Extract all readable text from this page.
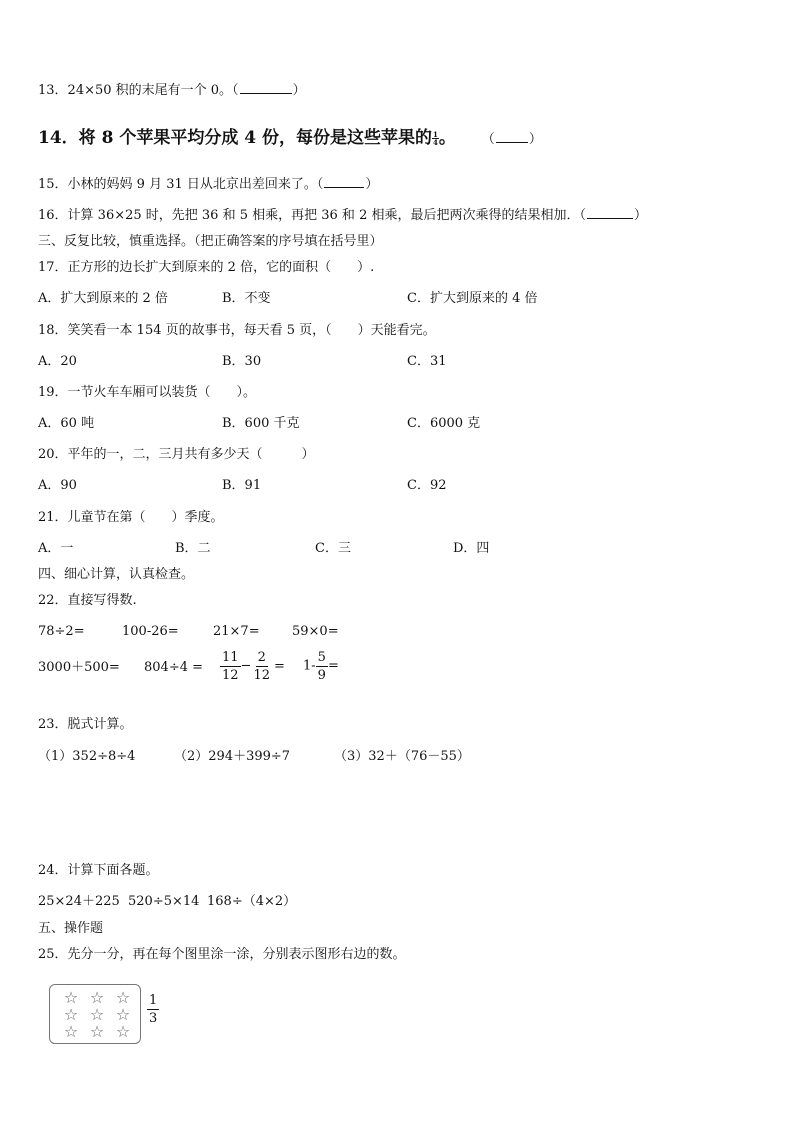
13．24×50 积的末尾有一个 0。（	）
14．将 8 个苹果平均分成 4 份，每份是这些苹果的 $\frac{1}{4}$ 。 （	）
15．小林的妈妈 9 月 31 日从北京出差回来了。（	）
16．计算 36×25 时，先把 36 和 5 相乘，再把 36 和 2 相乘，最后把两次乘得的结果相加．（	）
三、反复比较，慎重选择。（把正确答案的序号填在括号里）
17．正方形的边长扩大到原来的 2 倍，它的面积（　　）.
A．扩大到原来的 2 倍	B．不变	C．扩大到原来的 4 倍
18．笑笑看一本 154 页的故事书，每天看 5 页，（　　）天能看完。
A．20	B．30	C．31
19．一节火车车厢可以装货（　　）。
A．60 吨	B．600 千克	C．6000 克
20．平年的一，二，三月共有多少天（　　　）
A．90	B．91	C．92
21．儿童节在第（　　）季度。
A．一	B．二	C．三	D．四
四、细心计算，认真检查。
22．直接写得数.
78÷2=	100-26=	21×7= 59×0=
$3000+500= 804\div 4 = \frac{11}{12} - \frac{2}{12} = 1- \frac{5}{9}$ =
23．脱式计算。
（1）352÷8÷4	（2）294＋399÷7	（3）32＋（76－55）
24．计算下面各题。
25×24＋225 520÷5×14 168÷（4×2）
五、操作题
25．先分一分，再在每个图里涂一涂，分别表示图形右边的数。
☆ ☆ ☆
☆ ☆ ☆
☆ ☆ ☆
$\frac{1}{3}$
